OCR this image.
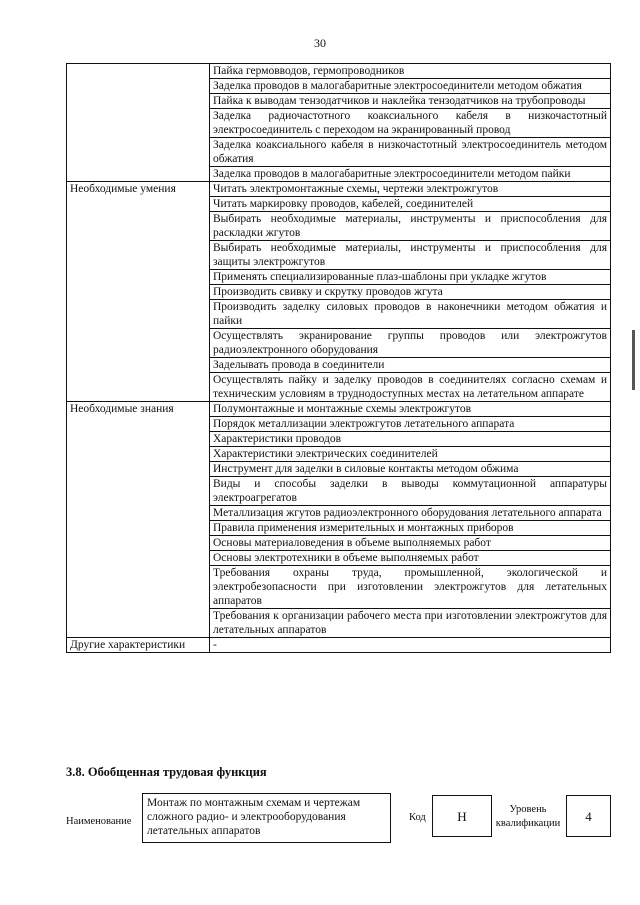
30
	Пайка гермовводов, гермопроводников
	Заделка проводов в малогабаритные электросоединители методом обжатия
	Пайка к выводам тензодатчиков и наклейка тензодатчиков на трубопроводы
	Заделка радиочастотного коаксиального кабеля в низкочастотный электросоединитель с переходом на экранированный провод
	Заделка коаксиального кабеля в низкочастотный электросоединитель методом обжатия
	Заделка проводов в малогабаритные электросоединители методом пайки
Необходимые умения	Читать электромонтажные схемы, чертежи электрожгутов
	Читать маркировку проводов, кабелей, соединителей
	Выбирать необходимые материалы, инструменты и приспособления для раскладки жгутов
	Выбирать необходимые материалы, инструменты и приспособления для защиты электрожгутов
	Применять специализированные плаз-шаблоны при укладке жгутов
	Производить свивку и скрутку проводов жгута
	Производить заделку силовых проводов в наконечники методом обжатия и пайки
	Осуществлять экранирование группы проводов или электрожгутов радиоэлектронного оборудования
	Заделывать провода в соединители
	Осуществлять пайку и заделку проводов в соединителях согласно схемам и техническим условиям в труднодоступных местах на летательном аппарате
Необходимые знания	Полумонтажные и монтажные схемы электрожгутов
	Порядок металлизации электрожгутов летательного аппарата
	Характеристики проводов
	Характеристики электрических соединителей
	Инструмент для заделки в силовые контакты методом обжима
	Виды и способы заделки в выводы коммутационной аппаратуры электроагрегатов
	Металлизация жгутов радиоэлектронного оборудования летательного аппарата
	Правила применения измерительных и монтажных приборов
	Основы материаловедения в объеме выполняемых работ
	Основы электротехники в объеме выполняемых работ
	Требования охраны труда, промышленной, экологической и электробезопасности при изготовлении электрожгутов для летательных аппаратов
	Требования к организации рабочего места при изготовлении электрожгутов для летательных аппаратов
Другие характеристики	-
3.8. Обобщенная трудовая функция
Наименование
Монтаж по монтажным схемам и чертежам сложного радио- и электрооборудования летательных аппаратов
Код	H	Уровень квалификации	4
